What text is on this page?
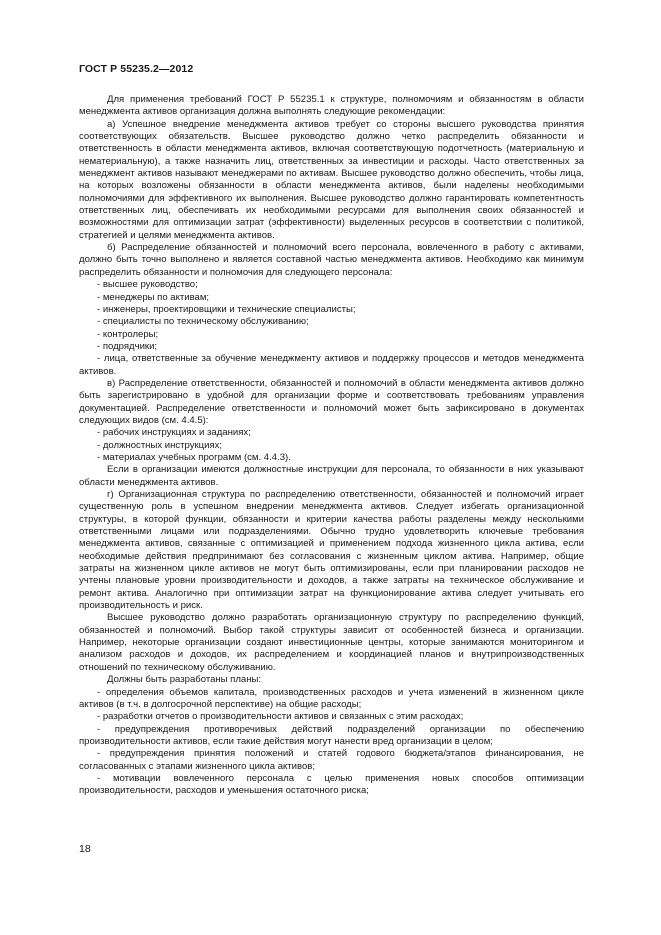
ГОСТ Р 55235.2—2012

Для применения требований ГОСТ Р 55235.1 к структуре, полномочиям и обязанностям в области менеджмента активов организация должна выполнять следующие рекомендации:

а) Успешное внедрение менеджмента активов требует со стороны высшего руководства принятия соответствующих обязательств. Высшее руководство должно четко распределить обязанности и ответственность в области менеджмента активов, включая соответствующую подотчетность (материальную и нематериальную), а также назначить лиц, ответственных за инвестиции и расходы. Часто ответственных за менеджмент активов называют менеджерами по активам. Высшее руководство должно обеспечить, чтобы лица, на которых возложены обязанности в области менеджмента активов, были наделены необходимыми полномочиями для эффективного их выполнения. Высшее руководство должно гарантировать компетентность ответственных лиц, обеспечивать их необходимыми ресурсами для выполнения своих обязанностей и возможностями для оптимизации затрат (эффективности) выделенных ресурсов в соответствии с политикой, стратегией и целями менеджмента активов.

б) Распределение обязанностей и полномочий всего персонала, вовлеченного в работу с активами, должно быть точно выполнено и является составной частью менеджмента активов. Необходимо как минимум распределить обязанности и полномочия для следующего персонала:

- высшее руководство;

- менеджеры по активам;

- инженеры, проектировщики и технические специалисты;

- специалисты по техническому обслуживанию;

- контролеры;

- подрядчики;

- лица, ответственные за обучение менеджменту активов и поддержку процессов и методов менеджмента активов.

в) Распределение ответственности, обязанностей и полномочий в области менеджмента активов должно быть зарегистрировано в удобной для организации форме и соответствовать требованиям управления документацией. Распределение ответственности и полномочий может быть зафиксировано в документах следующих видов (см. 4.4.5):

- рабочих инструкциях и заданиях;

- должностных инструкциях;

- материалах учебных программ (см. 4.4.3).

Если в организации имеются должностные инструкции для персонала, то обязанности в них указывают области менеджмента активов.

г) Организационная структура по распределению ответственности, обязанностей и полномочий играет существенную роль в успешном внедрении менеджмента активов. Следует избегать организационной структуры, в которой функции, обязанности и критерии качества работы разделены между несколькими ответственными лицами или подразделениями. Обычно трудно удовлетворить ключевые требования менеджмента активов, связанные с оптимизацией и применением подхода жизненного цикла актива, если необходимые действия предпринимают без согласования с жизненным циклом актива. Например, общие затраты на жизненном цикле активов не могут быть оптимизированы, если при планировании расходов не учтены плановые уровни производительности и доходов, а также затраты на техническое обслуживание и ремонт актива. Аналогично при оптимизации затрат на функционирование актива следует учитывать его производительность и риск.

Высшее руководство должно разработать организационную структуру по распределению функций, обязанностей и полномочий. Выбор такой структуры зависит от особенностей бизнеса и организации. Например, некоторые организации создают инвестиционные центры, которые занимаются мониторингом и анализом расходов и доходов, их распределением и координацией планов и внутрипроизводственных отношений по техническому обслуживанию.

Должны быть разработаны планы:

- определения объемов капитала, производственных расходов и учета изменений в жизненном цикле активов (в т.ч. в долгосрочной перспективе) на общие расходы;

- разработки отчетов о производительности активов и связанных с этим расходах;

- предупреждения противоречивых действий подразделений организации по обеспечению производительности активов, если такие действия могут нанести вред организации в целом;

- предупреждения принятия положений и статей годового бюджета/этапов финансирования, не согласованных с этапами жизненного цикла активов;

- мотивации вовлеченного персонала с целью применения новых способов оптимизации производительности, расходов и уменьшения остаточного риска;

18
